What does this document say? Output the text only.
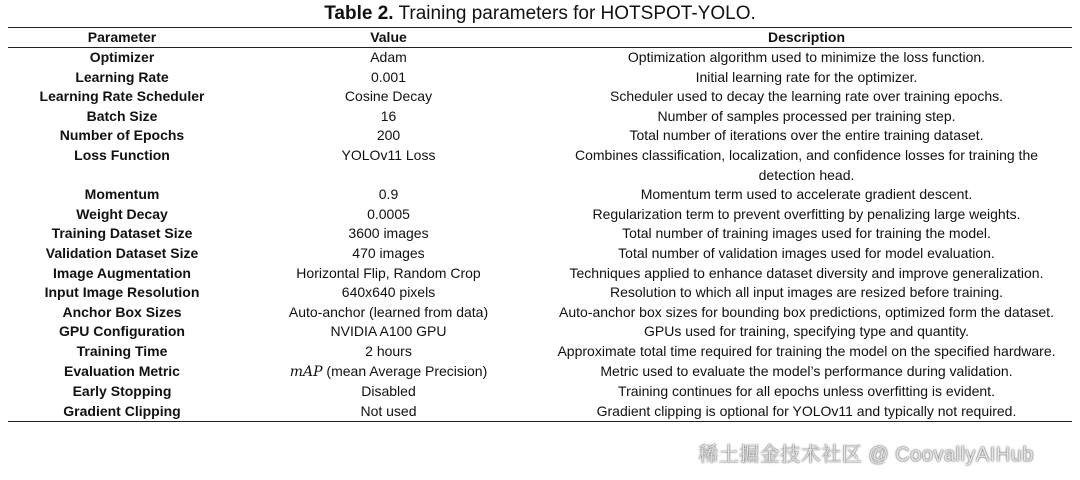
Table 2. Training parameters for HOTSPOT-YOLO.
Parameter	Value	Description
Optimizer	Adam	Optimization algorithm used to minimize the loss function.
Learning Rate	0.001	Initial learning rate for the optimizer.
Learning Rate Scheduler	Cosine Decay	Scheduler used to decay the learning rate over training epochs.
Batch Size	16	Number of samples processed per training step.
Number of Epochs	200	Total number of iterations over the entire training dataset.
Loss Function	YOLOv11 Loss	Combines classification, localization, and confidence losses for training the detection head.
Momentum	0.9	Momentum term used to accelerate gradient descent.
Weight Decay	0.0005	Regularization term to prevent overfitting by penalizing large weights.
Training Dataset Size	3600 images	Total number of training images used for training the model.
Validation Dataset Size	470 images	Total number of validation images used for model evaluation.
Image Augmentation	Horizontal Flip, Random Crop	Techniques applied to enhance dataset diversity and improve generalization.
Input Image Resolution	640x640 pixels	Resolution to which all input images are resized before training.
Anchor Box Sizes	Auto-anchor (learned from data)	Auto-anchor box sizes for bounding box predictions, optimized form the dataset.
GPU Configuration	NVIDIA A100 GPU	GPUs used for training, specifying type and quantity.
Training Time	2 hours	Approximate total time required for training the model on the specified hardware.
Evaluation Metric	mAP (mean Average Precision)	Metric used to evaluate the model’s performance during validation.
Early Stopping	Disabled	Training continues for all epochs unless overfitting is evident.
Gradient Clipping	Not used	Gradient clipping is optional for YOLOv11 and typically not required.
稀土掘金技术社区 @ CoovallyAIHub
